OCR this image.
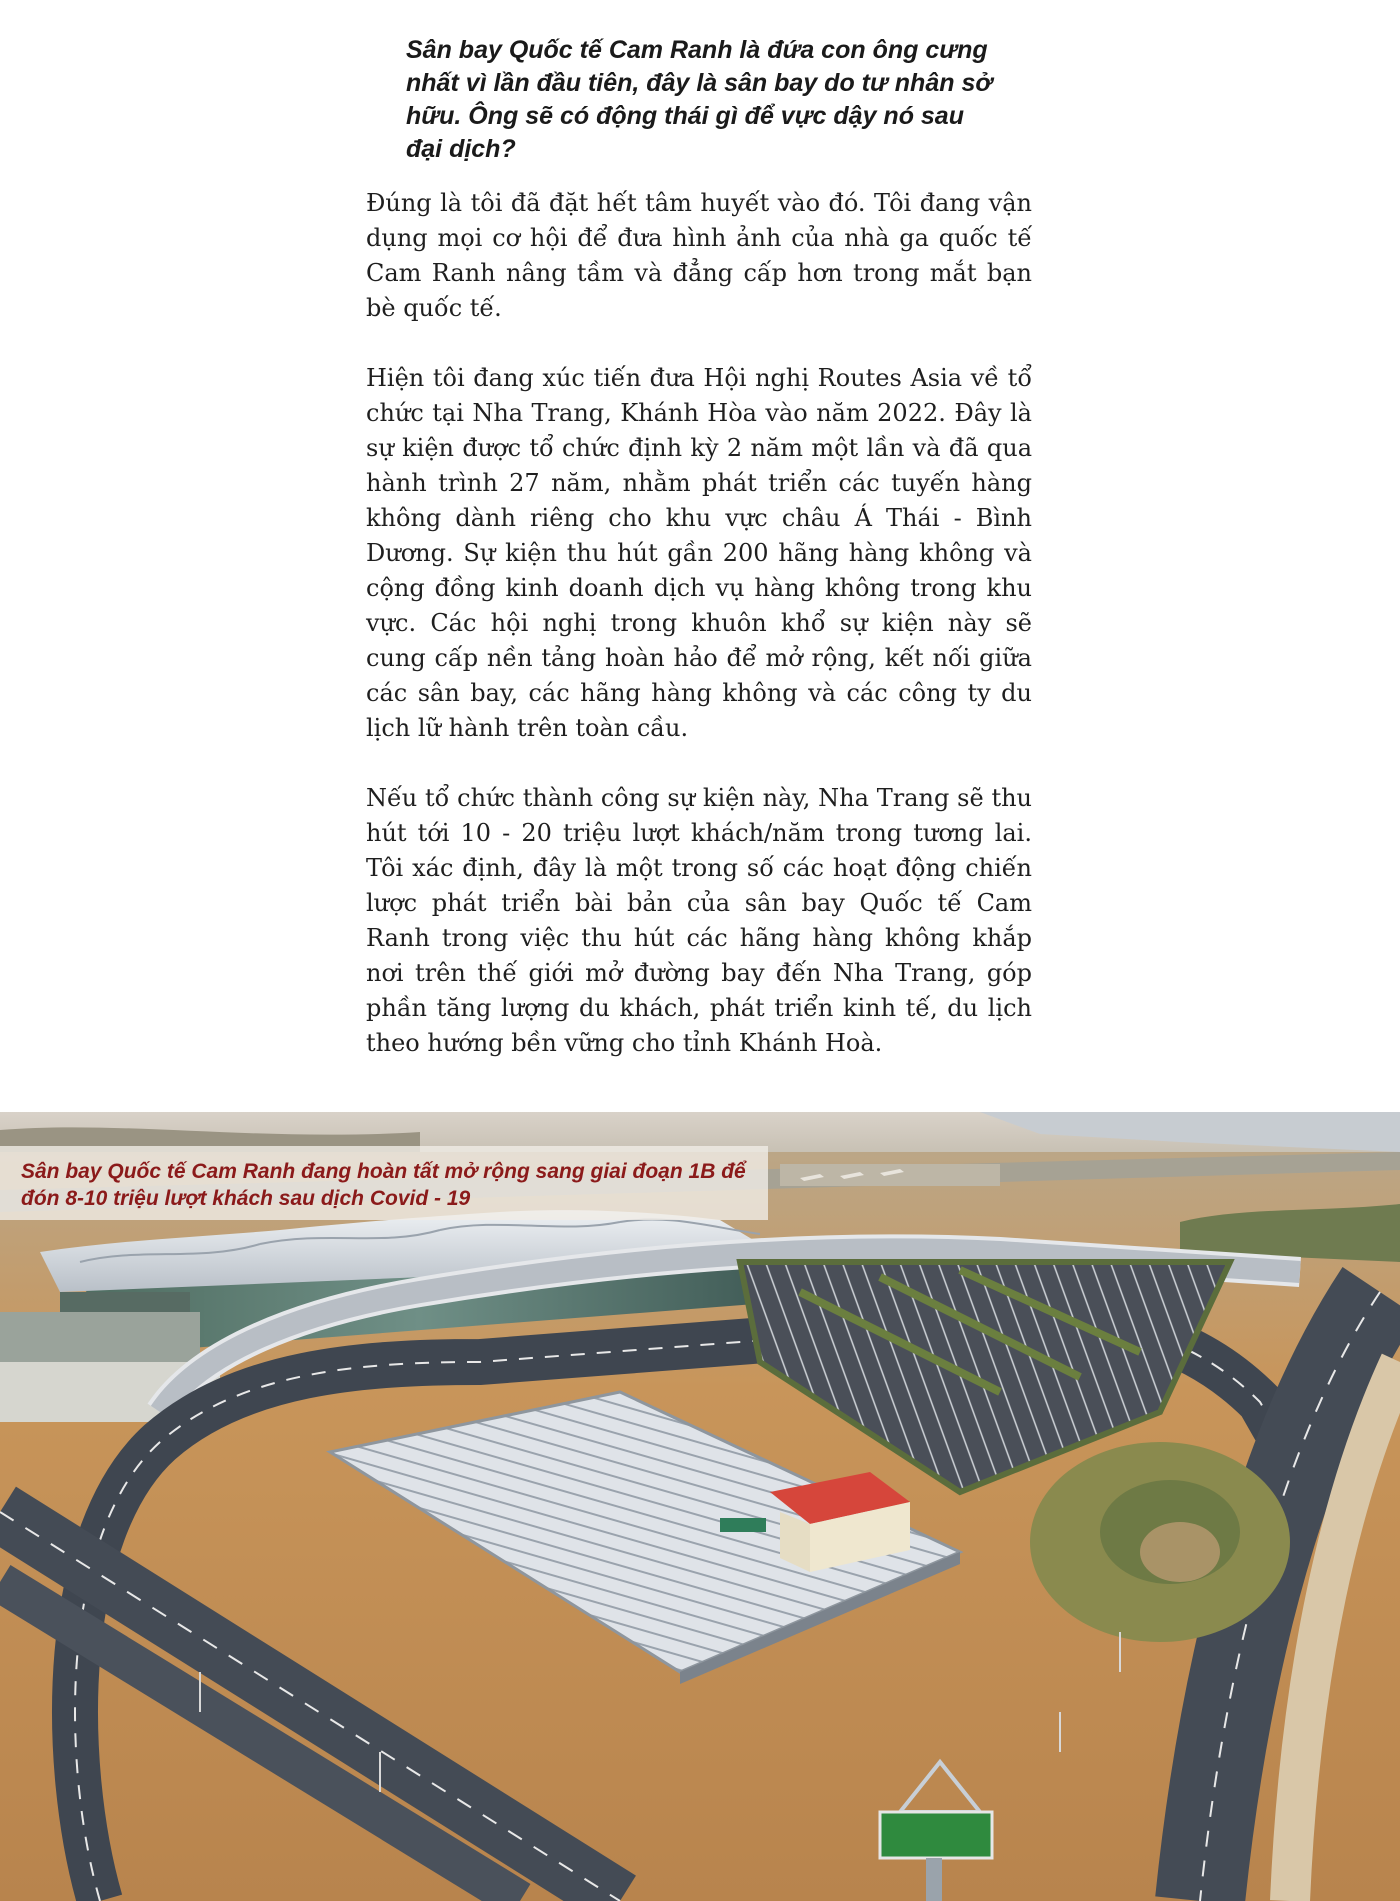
Sân bay Quốc tế Cam Ranh là đứa con ông cưng nhất vì lần đầu tiên, đây là sân bay do tư nhân sở hữu. Ông sẽ có động thái gì để vực dậy nó sau đại dịch?

Đúng là tôi đã đặt hết tâm huyết vào đó. Tôi đang vận dụng mọi cơ hội để đưa hình ảnh của nhà ga quốc tế Cam Ranh nâng tầm và đẳng cấp hơn trong mắt bạn bè quốc tế.

Hiện tôi đang xúc tiến đưa Hội nghị Routes Asia về tổ chức tại Nha Trang, Khánh Hòa vào năm 2022. Đây là sự kiện được tổ chức định kỳ 2 năm một lần và đã qua hành trình 27 năm, nhằm phát triển các tuyến hàng không dành riêng cho khu vực châu Á Thái - Bình Dương. Sự kiện thu hút gần 200 hãng hàng không và cộng đồng kinh doanh dịch vụ hàng không trong khu vực. Các hội nghị trong khuôn khổ sự kiện này sẽ cung cấp nền tảng hoàn hảo để mở rộng, kết nối giữa các sân bay, các hãng hàng không và các công ty du lịch lữ hành trên toàn cầu.

Nếu tổ chức thành công sự kiện này, Nha Trang sẽ thu hút tới 10 - 20 triệu lượt khách/năm trong tương lai. Tôi xác định, đây là một trong số các hoạt động chiến lược phát triển bài bản của sân bay Quốc tế Cam Ranh trong việc thu hút các hãng hàng không khắp nơi trên thế giới mở đường bay đến Nha Trang, góp phần tăng lượng du khách, phát triển kinh tế, du lịch theo hướng bền vững cho tỉnh Khánh Hoà.

Sân bay Quốc tế Cam Ranh đang hoàn tất mở rộng sang giai đoạn 1B để đón 8-10 triệu lượt khách sau dịch Covid - 19
